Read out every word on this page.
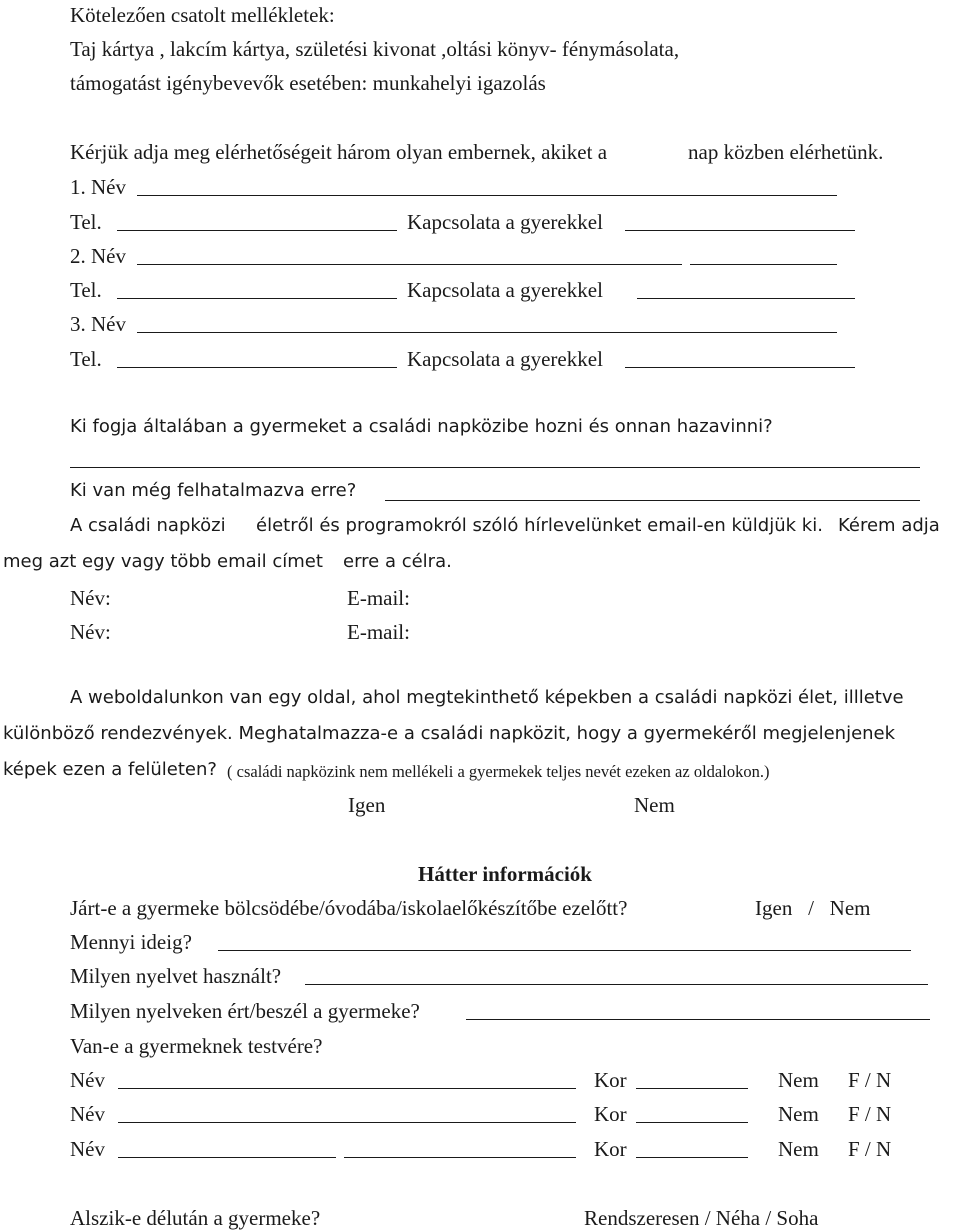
Kötelezően csatolt mellékletek:
Taj kártya , lakcím kártya, születési kivonat ,oltási könyv- fénymásolata,
támogatást igénybevevők esetében: munkahelyi igazolás
Kérjük adja meg elérhetőségeit három olyan embernek, akiket a	nap közben elérhetünk.
1. Név
Tel.	Kapcsolata a gyerekkel
2. Név
Tel.	Kapcsolata a gyerekkel
3. Név
Tel.	Kapcsolata a gyerekkel
Ki fogja általában a gyermeket a családi napközibe hozni és onnan hazavinni?
Ki van még felhatalmazva erre?
A családi napközi életről és programokról szóló hírlevelünket email-en küldjük ki. Kérem adja
meg azt egy vagy több email címet erre a célra.
Név:	E-mail:
Név:	E-mail:
A weboldalunkon van egy oldal, ahol megtekinthető képekben a családi napközi élet, illletve
különböző rendezvények. Meghatalmazza-e a családi napközit, hogy a gyermekéről megjelenjenek
képek ezen a felületen? ( családi napközink nem mellékeli a gyermekek teljes nevét ezeken az oldalokon.)
Igen	Nem
Hátter információk
Járt-e a gyermeke bölcsödébe/óvodába/iskolaelőkészítőbe ezelőtt?	Igen   /   Nem
Mennyi ideig?
Milyen nyelvet használt?
Milyen nyelveken ért/beszél a gyermeke?
Van-e a gyermeknek testvére?
Név	Kor	Nem F / N
Név	Kor	Nem F / N
Név	Kor	Nem F / N
Alszik-e délután a gyermeke?	Rendszeresen / Néha / Soha
